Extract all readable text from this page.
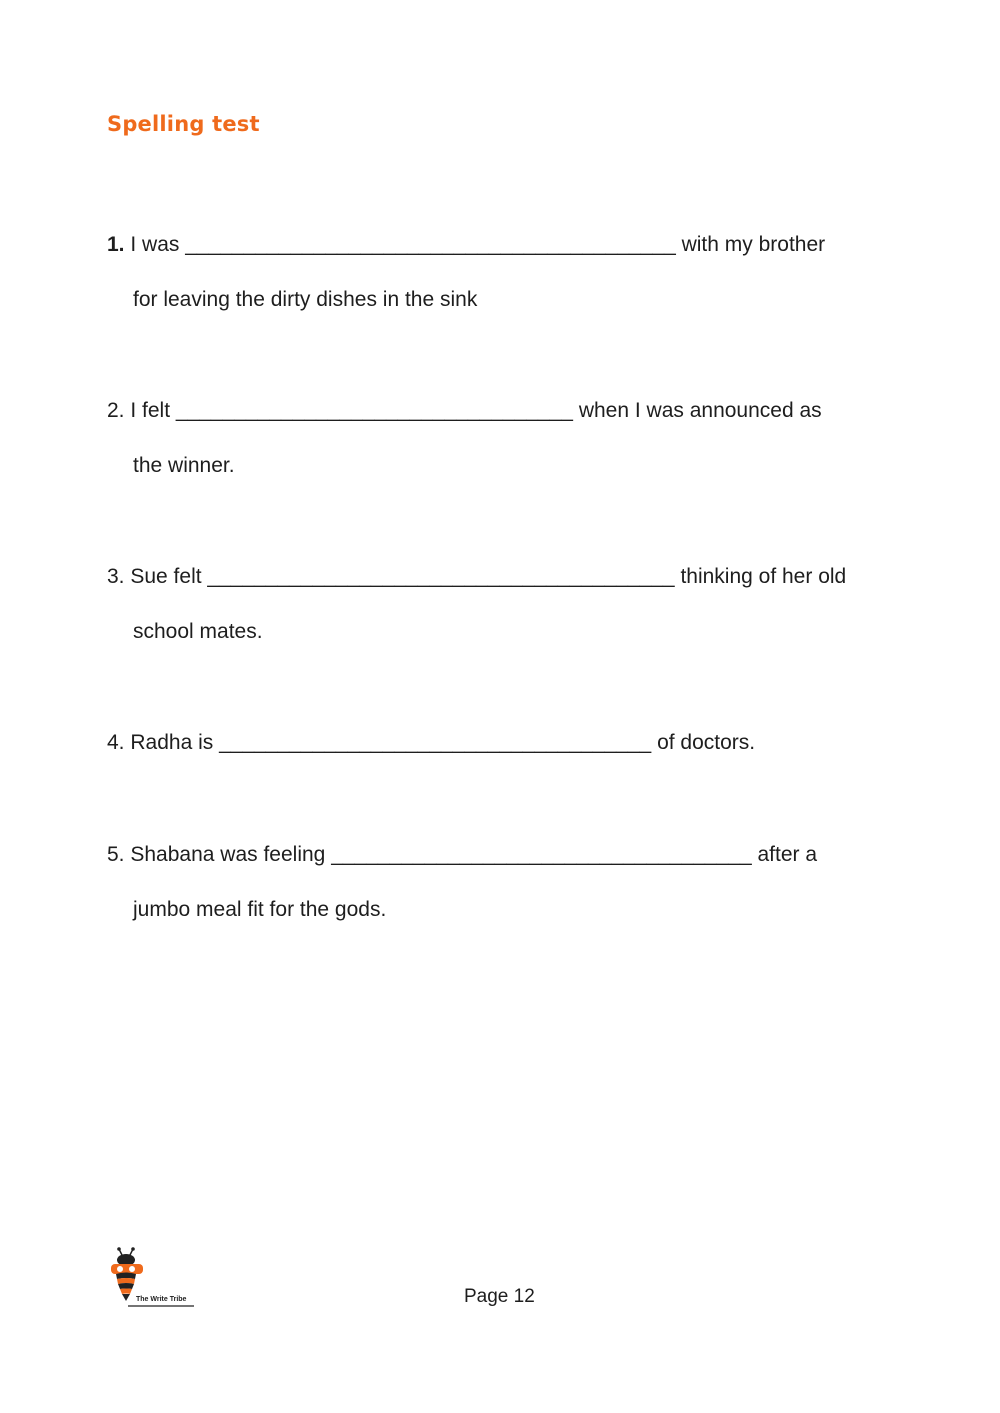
Spelling test
1. I was __________________________________________ with my brother
for leaving the dirty dishes in the sink
2. I felt __________________________________ when I was announced as
the winner.
3. Sue felt ________________________________________ thinking of her old
school mates.
4. Radha is _____________________________________ of doctors.
5. Shabana was feeling ____________________________________ after a
jumbo meal fit for the gods.
The Write Tribe	Page 12
